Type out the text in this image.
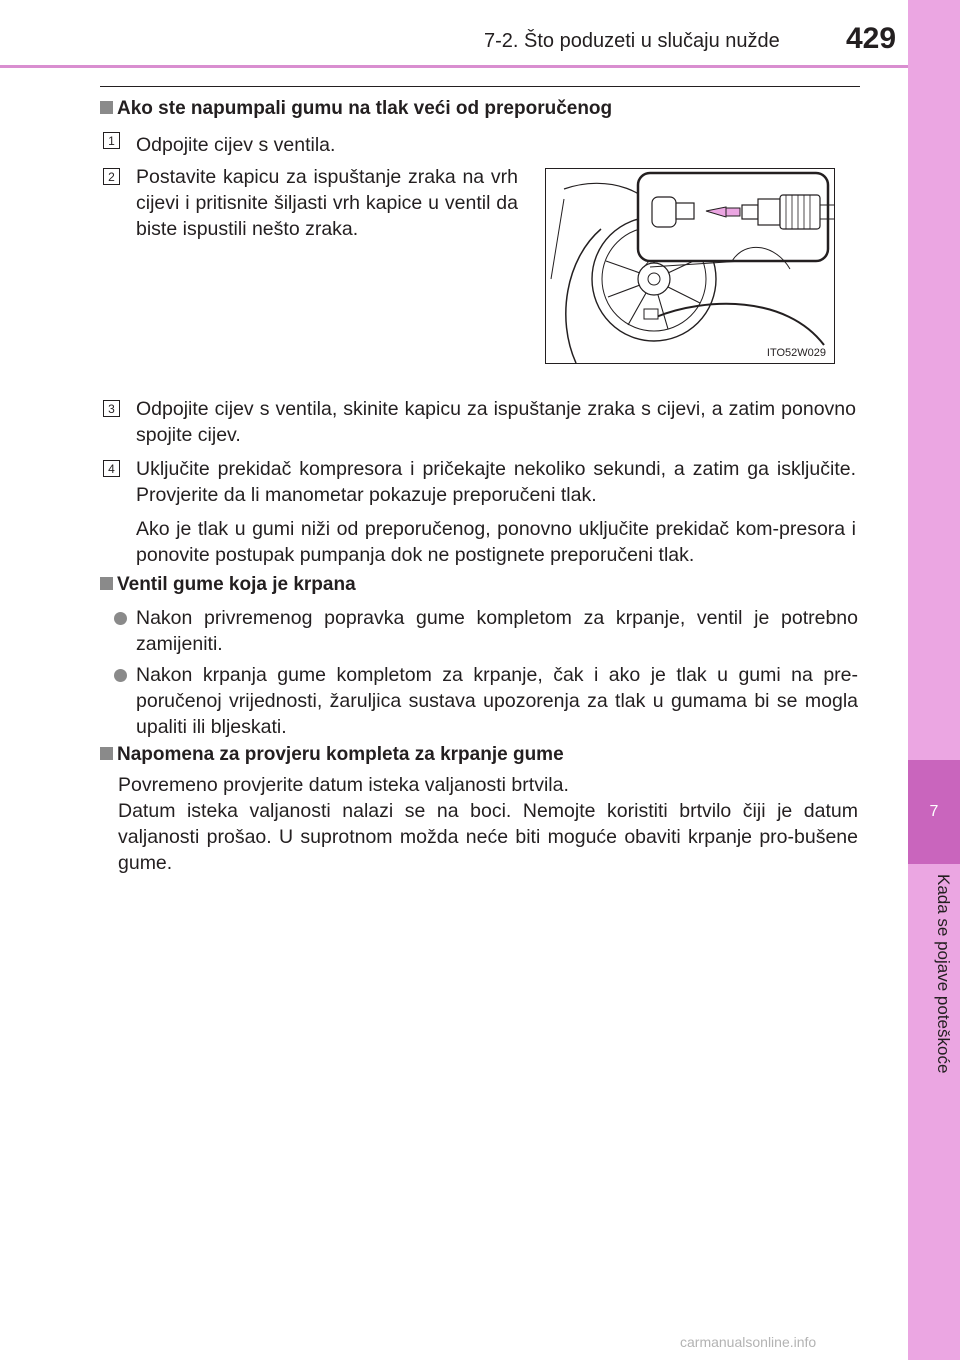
7-2. Što poduzeti u slučaju nužde 429
7
Kada se pojave poteškoće
Ako ste napumpali gumu na tlak veći od preporučenog
1 Odpojite cijev s ventila.
2 Postavite kapicu za ispuštanje zraka na vrh cijevi i pritisnite šiljasti vrh kapice u ventil da biste ispustili nešto zraka.
ITO52W029
3 Odpojite cijev s ventila, skinite kapicu za ispuštanje zraka s cijevi, a zatim ponovno spojite cijev.
4 Uključite prekidač kompresora i pričekajte nekoliko sekundi, a zatim ga isključite. Provjerite da li manometar pokazuje preporučeni tlak.
Ako je tlak u gumi niži od preporučenog, ponovno uključite prekidač kom-presora i ponovite postupak pumpanja dok ne postignete preporučeni tlak.
Ventil gume koja je krpana
Nakon privremenog popravka gume kompletom za krpanje, ventil je potrebno zamijeniti.
Nakon krpanja gume kompletom za krpanje, čak i ako je tlak u gumi na pre-poručenoj vrijednosti, žaruljica sustava upozorenja za tlak u gumama bi se mogla upaliti ili bljeskati.
Napomena za provjeru kompleta za krpanje gume
Povremeno provjerite datum isteka valjanosti brtvila.
Datum isteka valjanosti nalazi se na boci. Nemojte koristiti brtvilo čiji je datum valjanosti prošao. U suprotnom možda neće biti moguće obaviti krpanje pro-bušene gume.
carmanualsonline.info
